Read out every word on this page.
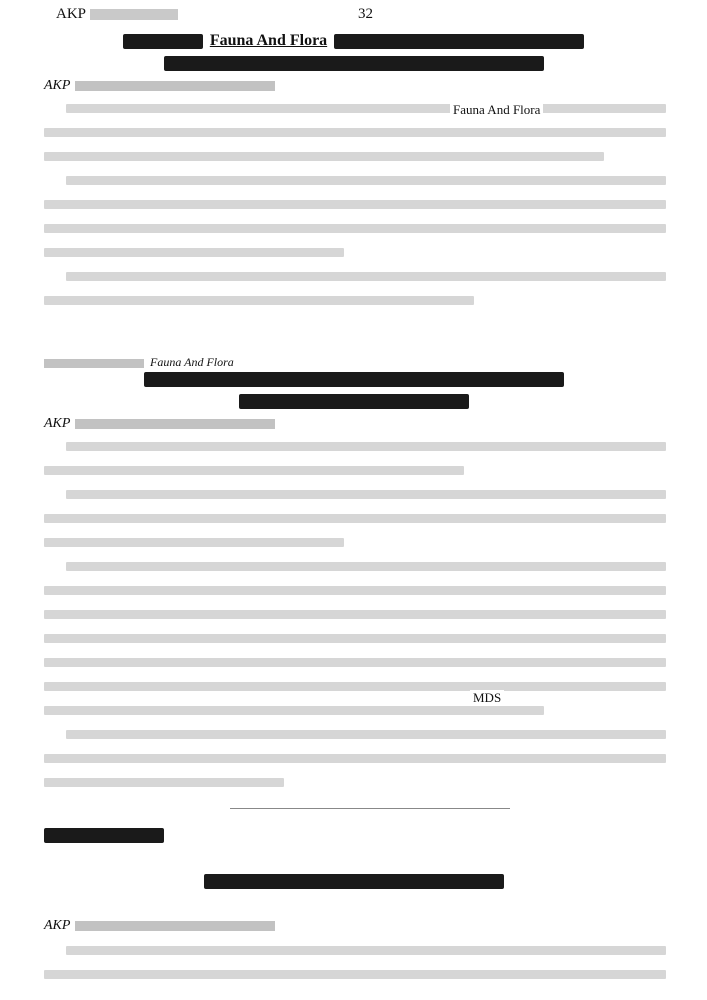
AKP	32
Fauna And Flora
AKP
Fauna And Flora
Fauna And Flora
AKP
MDS
AKP
